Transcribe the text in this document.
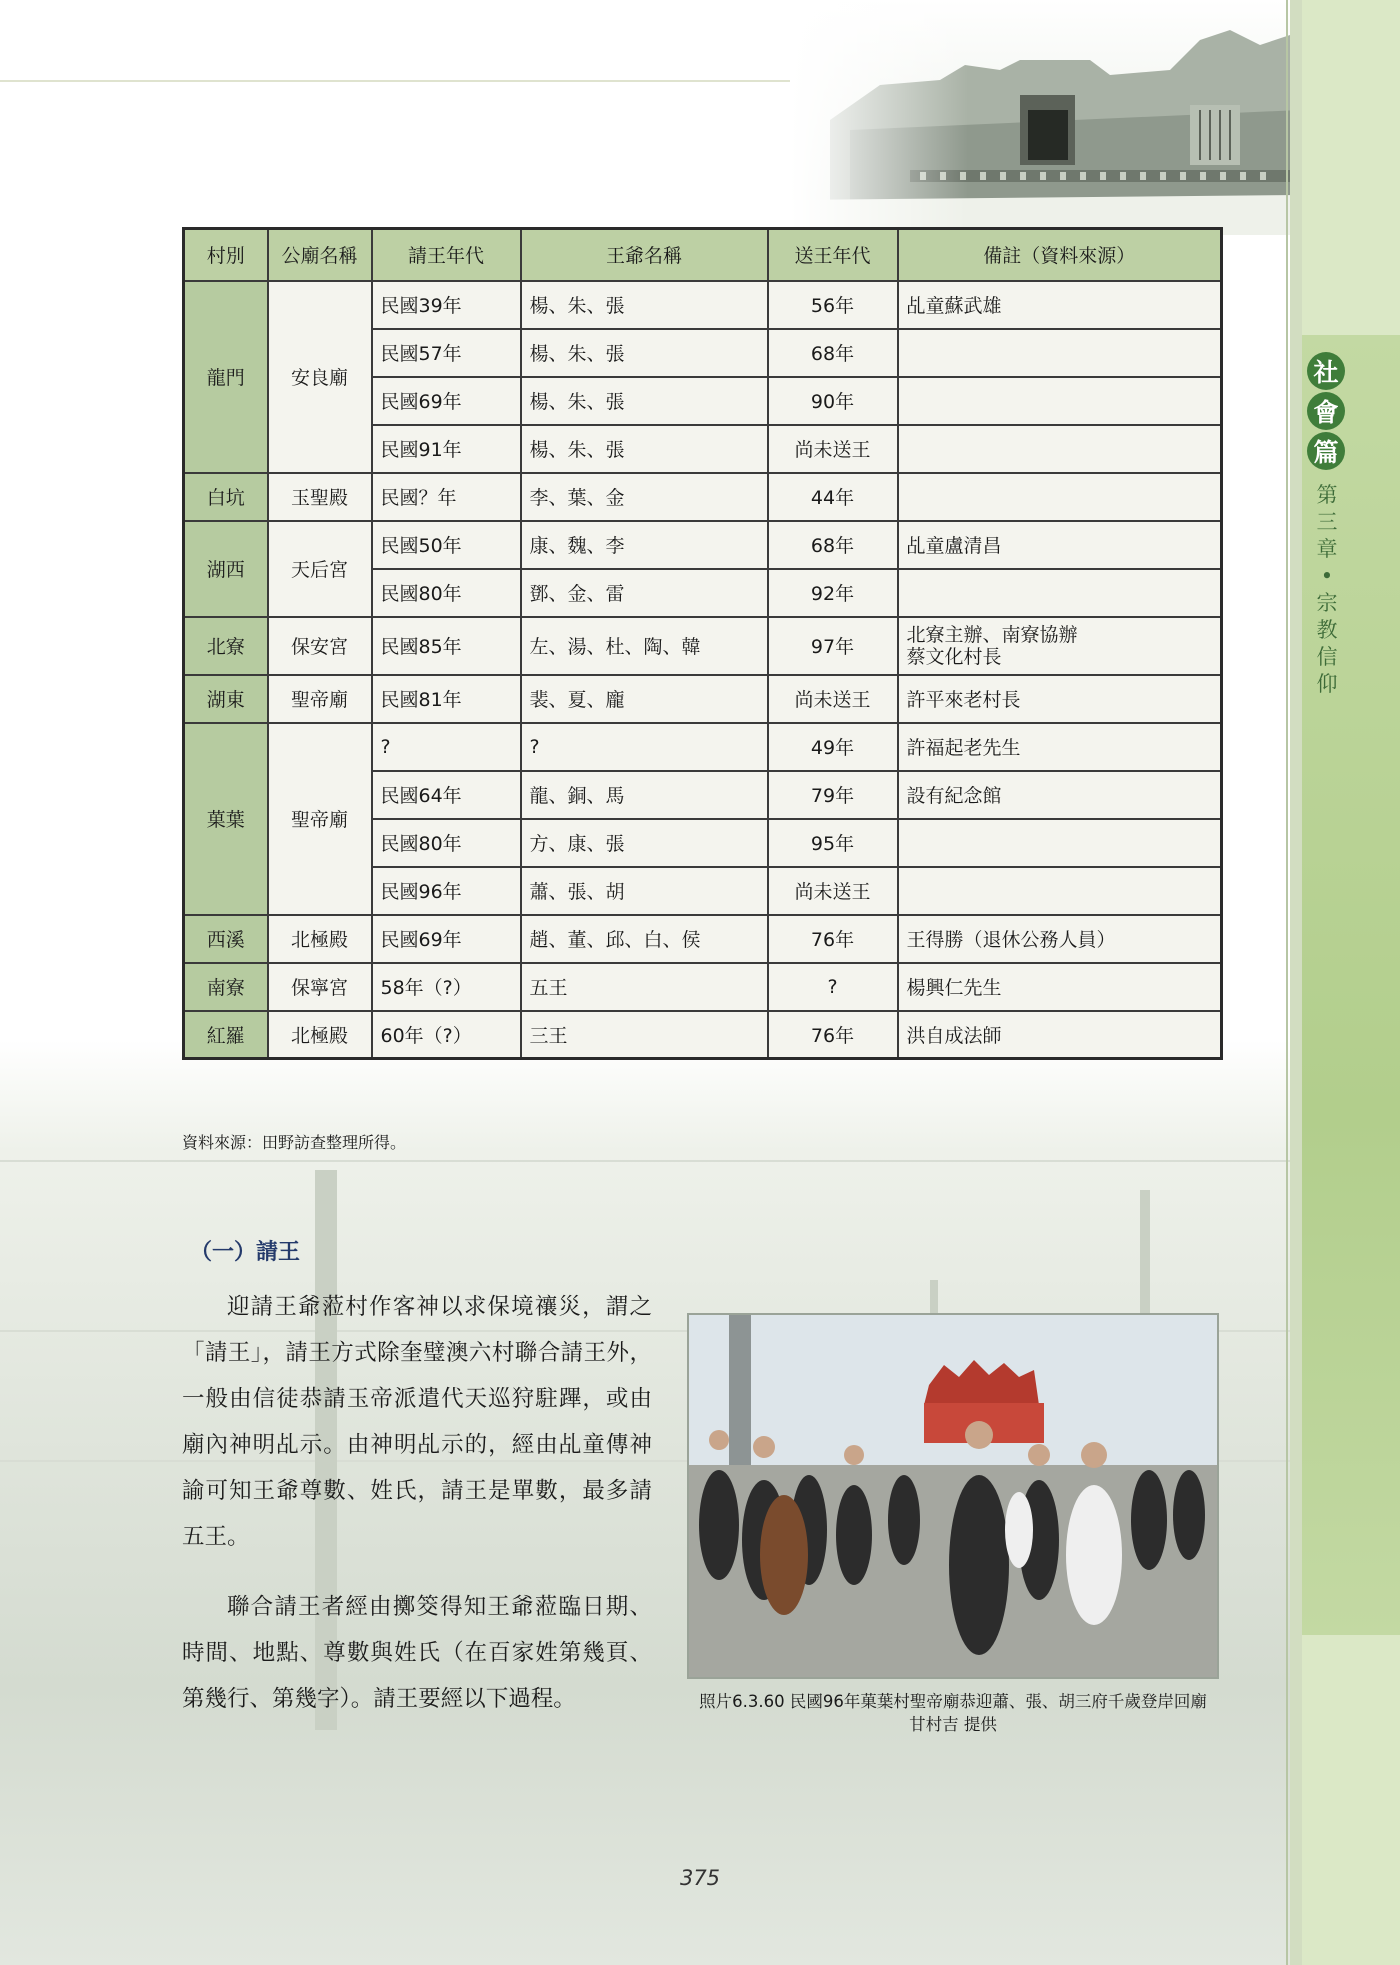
社
會
篇
第
三
章
•
宗
教
信
仰
村別	公廟名稱	請王年代	王爺名稱	送王年代	備註（資料來源）
龍門	安良廟	民國39年	楊、朱、張	56年	乩童蘇武雄
		民國57年	楊、朱、張	68年	
		民國69年	楊、朱、張	90年	
		民國91年	楊、朱、張	尚未送王	
白坑	玉聖殿	民國？年	李、葉、金	44年	
湖西	天后宮	民國50年	康、魏、李	68年	乩童盧清昌
		民國80年	鄧、金、雷	92年	
北寮	保安宮	民國85年	左、湯、杜、陶、韓	97年	北寮主辦、南寮協辦
蔡文化村長

湖東	聖帝廟	民國81年	裴、夏、龐	尚未送王	許平來老村長
菓葉	聖帝廟	?	?	49年	許福起老先生
		民國64年	龍、銅、馬	79年	設有紀念館
		民國80年	方、康、張	95年	
		民國96年	蕭、張、胡	尚未送王	
西溪	北極殿	民國69年	趙、董、邱、白、侯	76年	王得勝（退休公務人員）
南寮	保寧宮	58年（?）	五王	?	楊興仁先生
紅羅	北極殿	60年（?）	三王	76年	洪自成法師
資料來源：田野訪查整理所得。
（一）請王

迎請王爺蒞村作客神以求保境禳災，謂之「請王」，請王方式除奎璧澳六村聯合請王外，一般由信徒恭請玉帝派遣代天巡狩駐蹕，或由廟內神明乩示。由神明乩示的，經由乩童傳神諭可知王爺尊數、姓氏，請王是單數，最多請五王。

聯合請王者經由擲筊得知王爺蒞臨日期、時間、地點、尊數與姓氏（在百家姓第幾頁、第幾行、第幾字）。請王要經以下過程。	照片6.3.60 民國96年菓葉村聖帝廟恭迎蕭、張、胡三府千歲登岸回廟　甘村吉 提供
375
